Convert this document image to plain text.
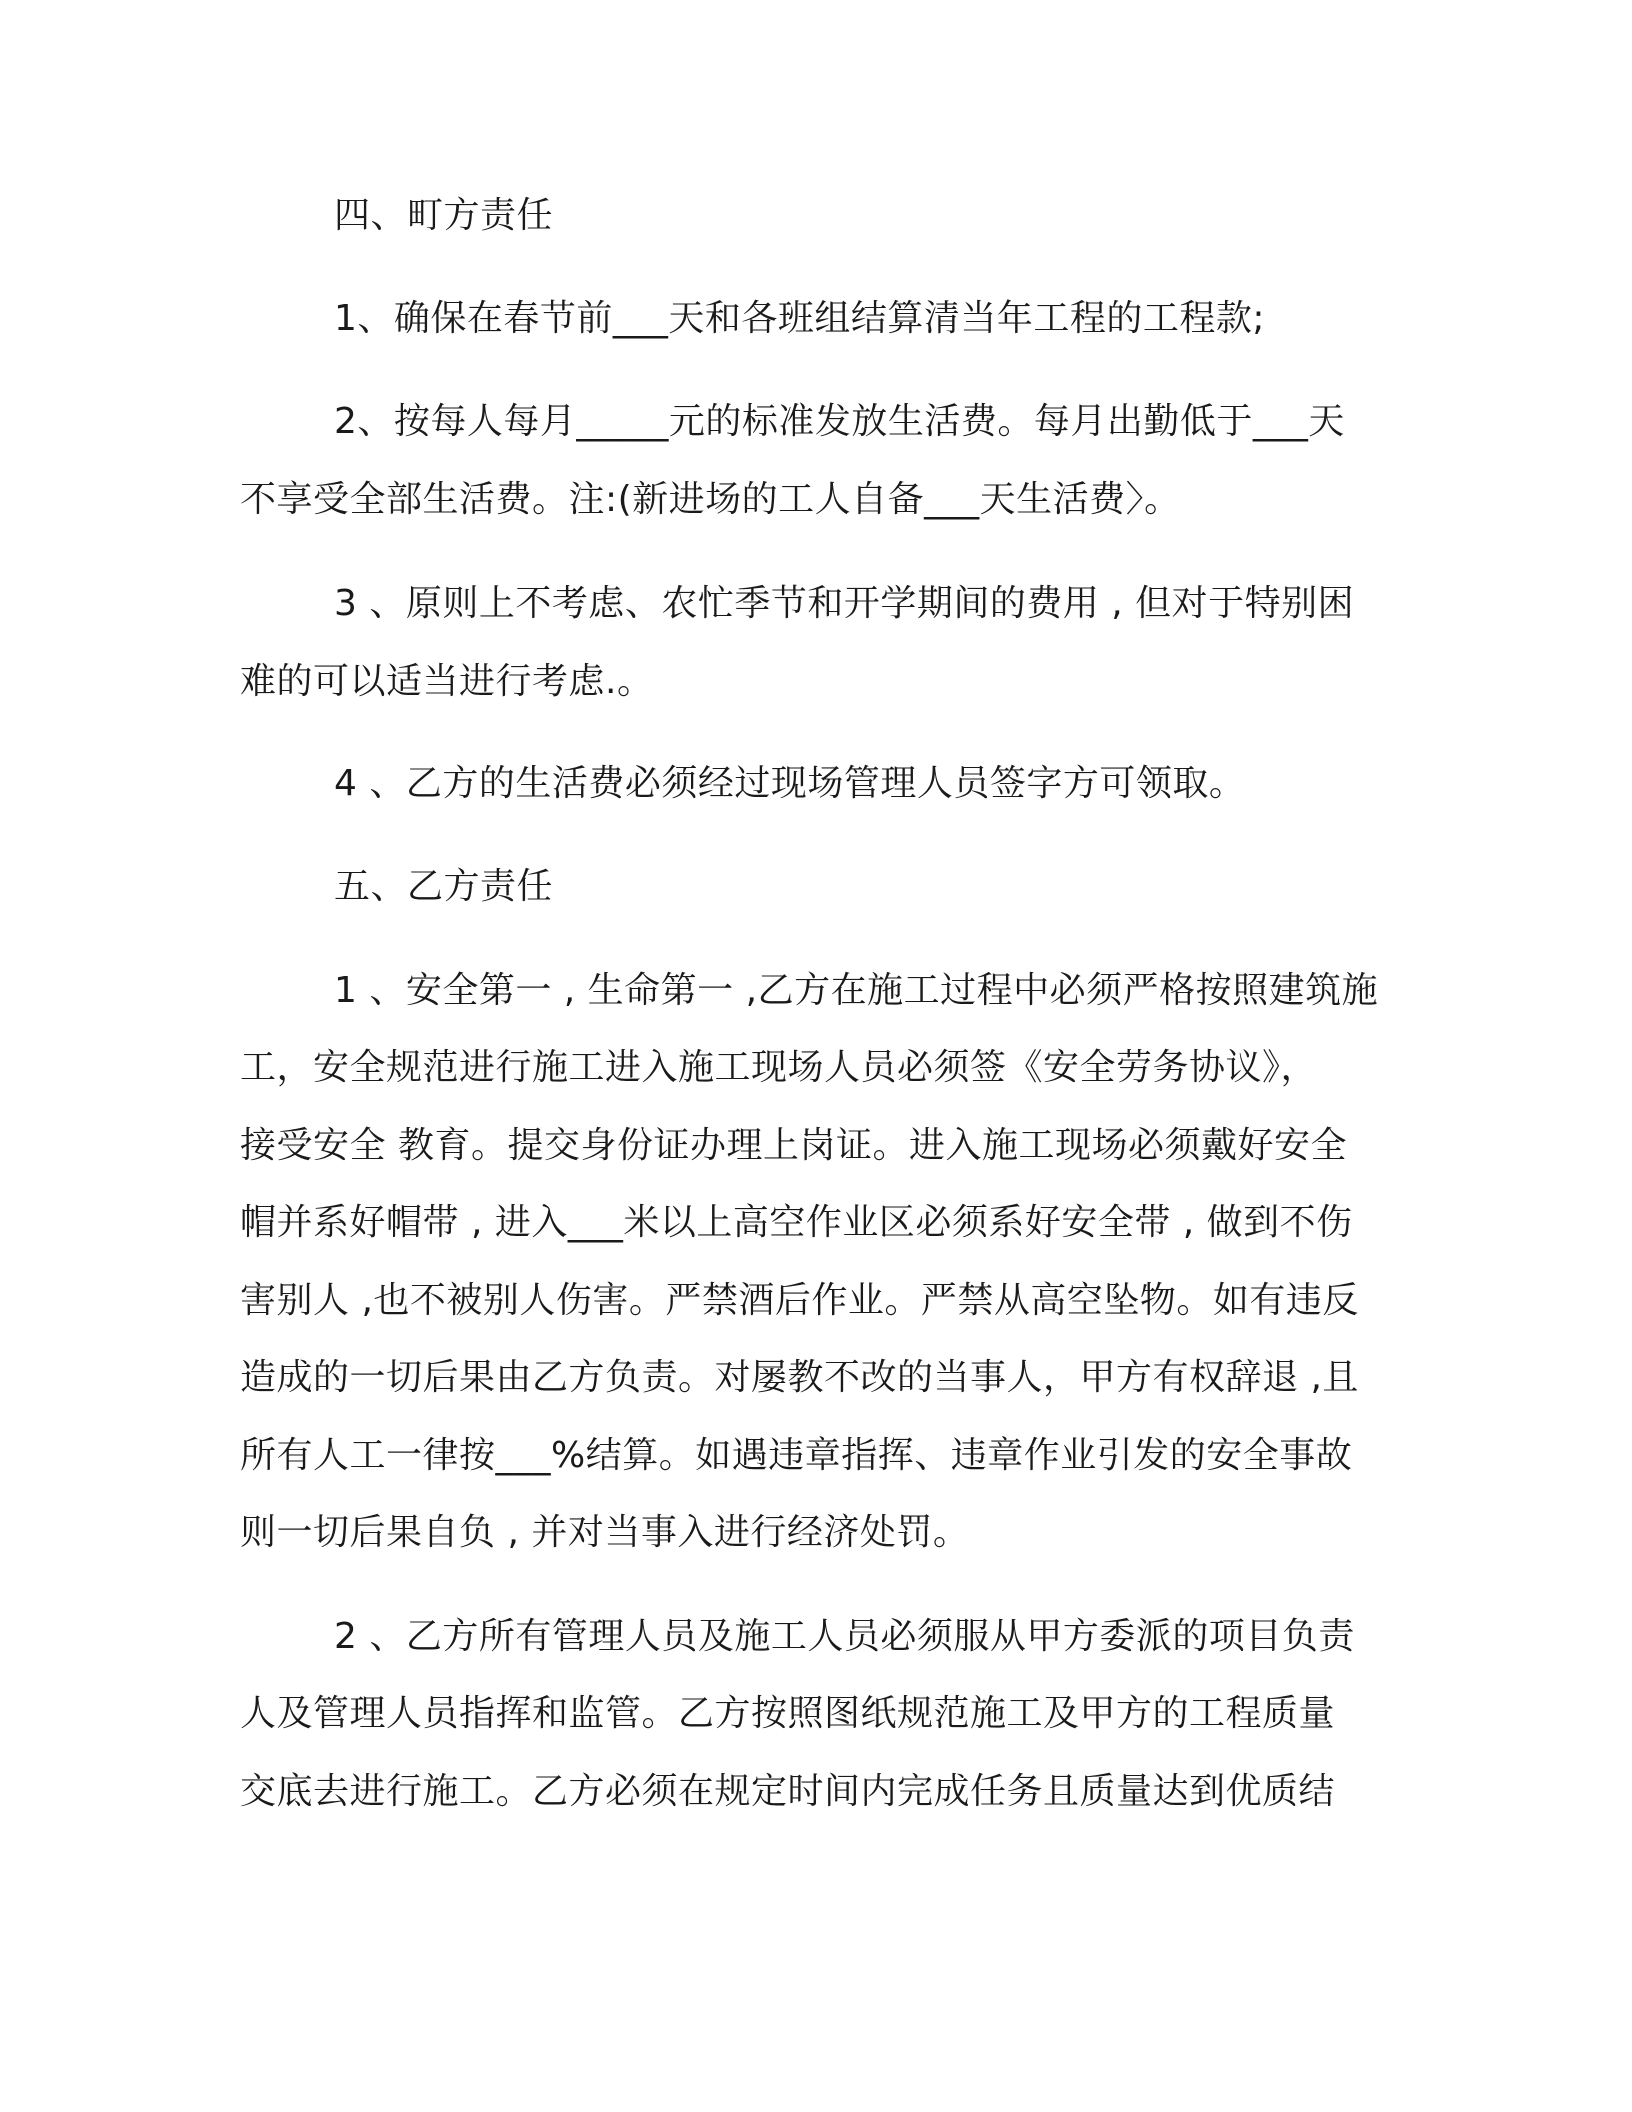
四、町方责任
1、确保在春节前___天和各班组结算清当年工程的工程款;
2、按每人每月_____元的标准发放生活费。每月出勤低于___天
不享受全部生活费。注:(新进场的工人自备___天生活费〉。
3 、原则上不考虑、农忙季节和开学期间的费用 , 但对于特别困
难的可以适当进行考虑.。
4 、乙方的生活费必须经过现场管理人员签字方可领取。
五、乙方责任
1 、安全第一 , 生命第一 ,乙方在施工过程中必须严格按照建筑施
工，安全规范进行施工进入施工现场人员必须签《安全劳务协议》，
接受安全 教育。提交身份证办理上岗证。进入施工现场必须戴好安全
帽并系好帽带 , 进入___米以上高空作业区必须系好安全带 , 做到不伤
害别人 ,也不被别人伤害。严禁酒后作业。严禁从高空坠物。如有违反
造成的一切后果由乙方负责。对屡教不改的当事人，甲方有权辞退 ,且
所有人工一律按___%结算。如遇违章指挥、违章作业引发的安全事故
则一切后果自负 , 并对当事入进行经济处罚。
2 、乙方所有管理人员及施工人员必须服从甲方委派的项目负责
人及管理人员指挥和监管。乙方按照图纸规范施工及甲方的工程质量
交底去进行施工。乙方必须在规定时间内完成任务且质量达到优质结
